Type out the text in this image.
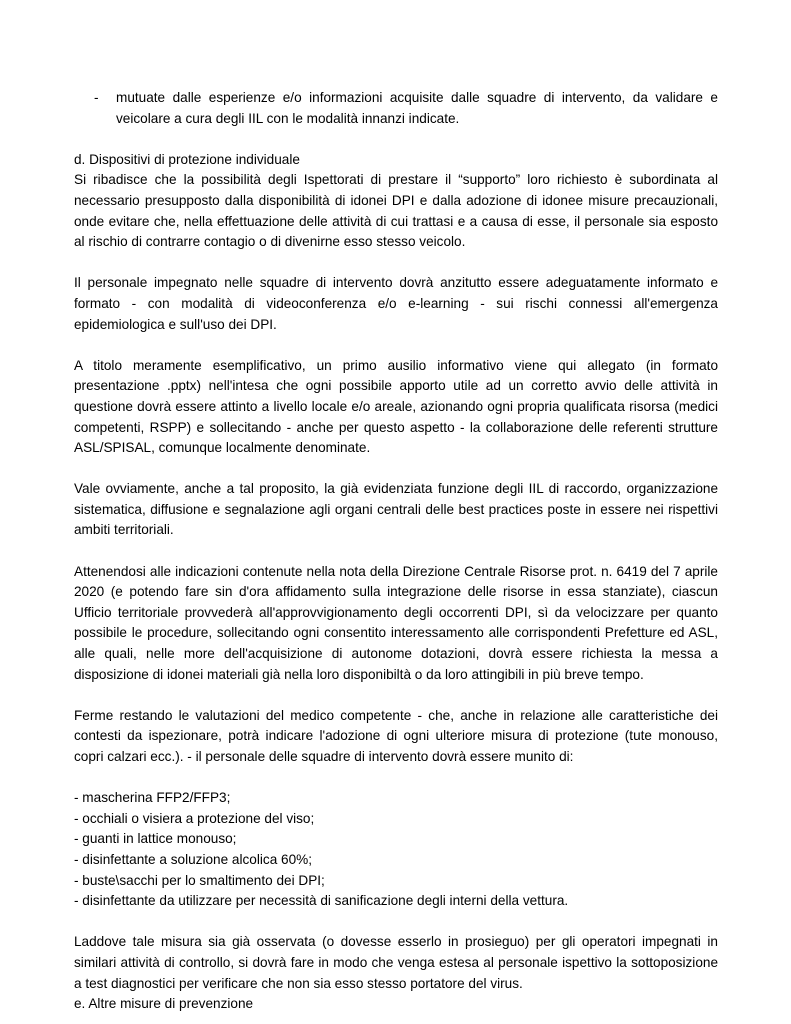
-	mutuate dalle esperienze e/o informazioni acquisite dalle squadre di intervento, da validare e veicolare a cura degli IIL con le modalità innanzi indicate.

d. Dispositivi di protezione individuale

Si ribadisce che la possibilità degli Ispettorati di prestare il “supporto” loro richiesto è subordinata al necessario presupposto dalla disponibilità di idonei DPI e dalla adozione di idonee misure precauzionali, onde evitare che, nella effettuazione delle attività di cui trattasi e a causa di esse, il personale sia esposto al rischio di contrarre contagio o di divenirne esso stesso veicolo.

Il personale impegnato nelle squadre di intervento dovrà anzitutto essere adeguatamente informato e formato - con modalità di videoconferenza e/o e-learning - sui rischi connessi all'emergenza epidemiologica e sull'uso dei DPI.

A titolo meramente esemplificativo, un primo ausilio informativo viene qui allegato (in formato presentazione .pptx) nell'intesa che ogni possibile apporto utile ad un corretto avvio delle attività in questione dovrà essere attinto a livello locale e/o areale, azionando ogni propria qualificata risorsa (medici competenti, RSPP) e sollecitando - anche per questo aspetto - la collaborazione delle referenti strutture ASL/SPISAL, comunque localmente denominate.

Vale ovviamente, anche a tal proposito, la già evidenziata funzione degli IIL di raccordo, organizzazione sistematica, diffusione e segnalazione agli organi centrali delle best practices poste in essere nei rispettivi ambiti territoriali.

Attenendosi alle indicazioni contenute nella nota della Direzione Centrale Risorse prot. n. 6419 del 7 aprile 2020 (e potendo fare sin d'ora affidamento sulla integrazione delle risorse in essa stanziate), ciascun Ufficio territoriale provvederà all'approvvigionamento degli occorrenti DPI, sì da velocizzare per quanto possibile le procedure, sollecitando ogni consentito interessamento alle corrispondenti Prefetture ed ASL, alle quali, nelle more dell'acquisizione di autonome dotazioni, dovrà essere richiesta la messa a disposizione di idonei materiali già nella loro disponibiltà o da loro attingibili in più breve tempo.

Ferme restando le valutazioni del medico competente - che, anche in relazione alle caratteristiche dei contesti da ispezionare, potrà indicare l'adozione di ogni ulteriore misura di protezione (tute monouso, copri calzari ecc.). - il personale delle squadre di intervento dovrà essere munito di:

- mascherina FFP2/FFP3;

- occhiali o visiera a protezione del viso;

- guanti in lattice monouso;

- disinfettante a soluzione alcolica 60%;

- buste\sacchi per lo smaltimento dei DPI;

- disinfettante da utilizzare per necessità di sanificazione degli interni della vettura.

Laddove tale misura sia già osservata (o dovesse esserlo in prosieguo) per gli operatori impegnati in similari attività di controllo, si dovrà fare in modo che venga estesa al personale ispettivo la sottoposizione a test diagnostici per verificare che non sia esso stesso portatore del virus.

e. Altre misure di prevenzione
